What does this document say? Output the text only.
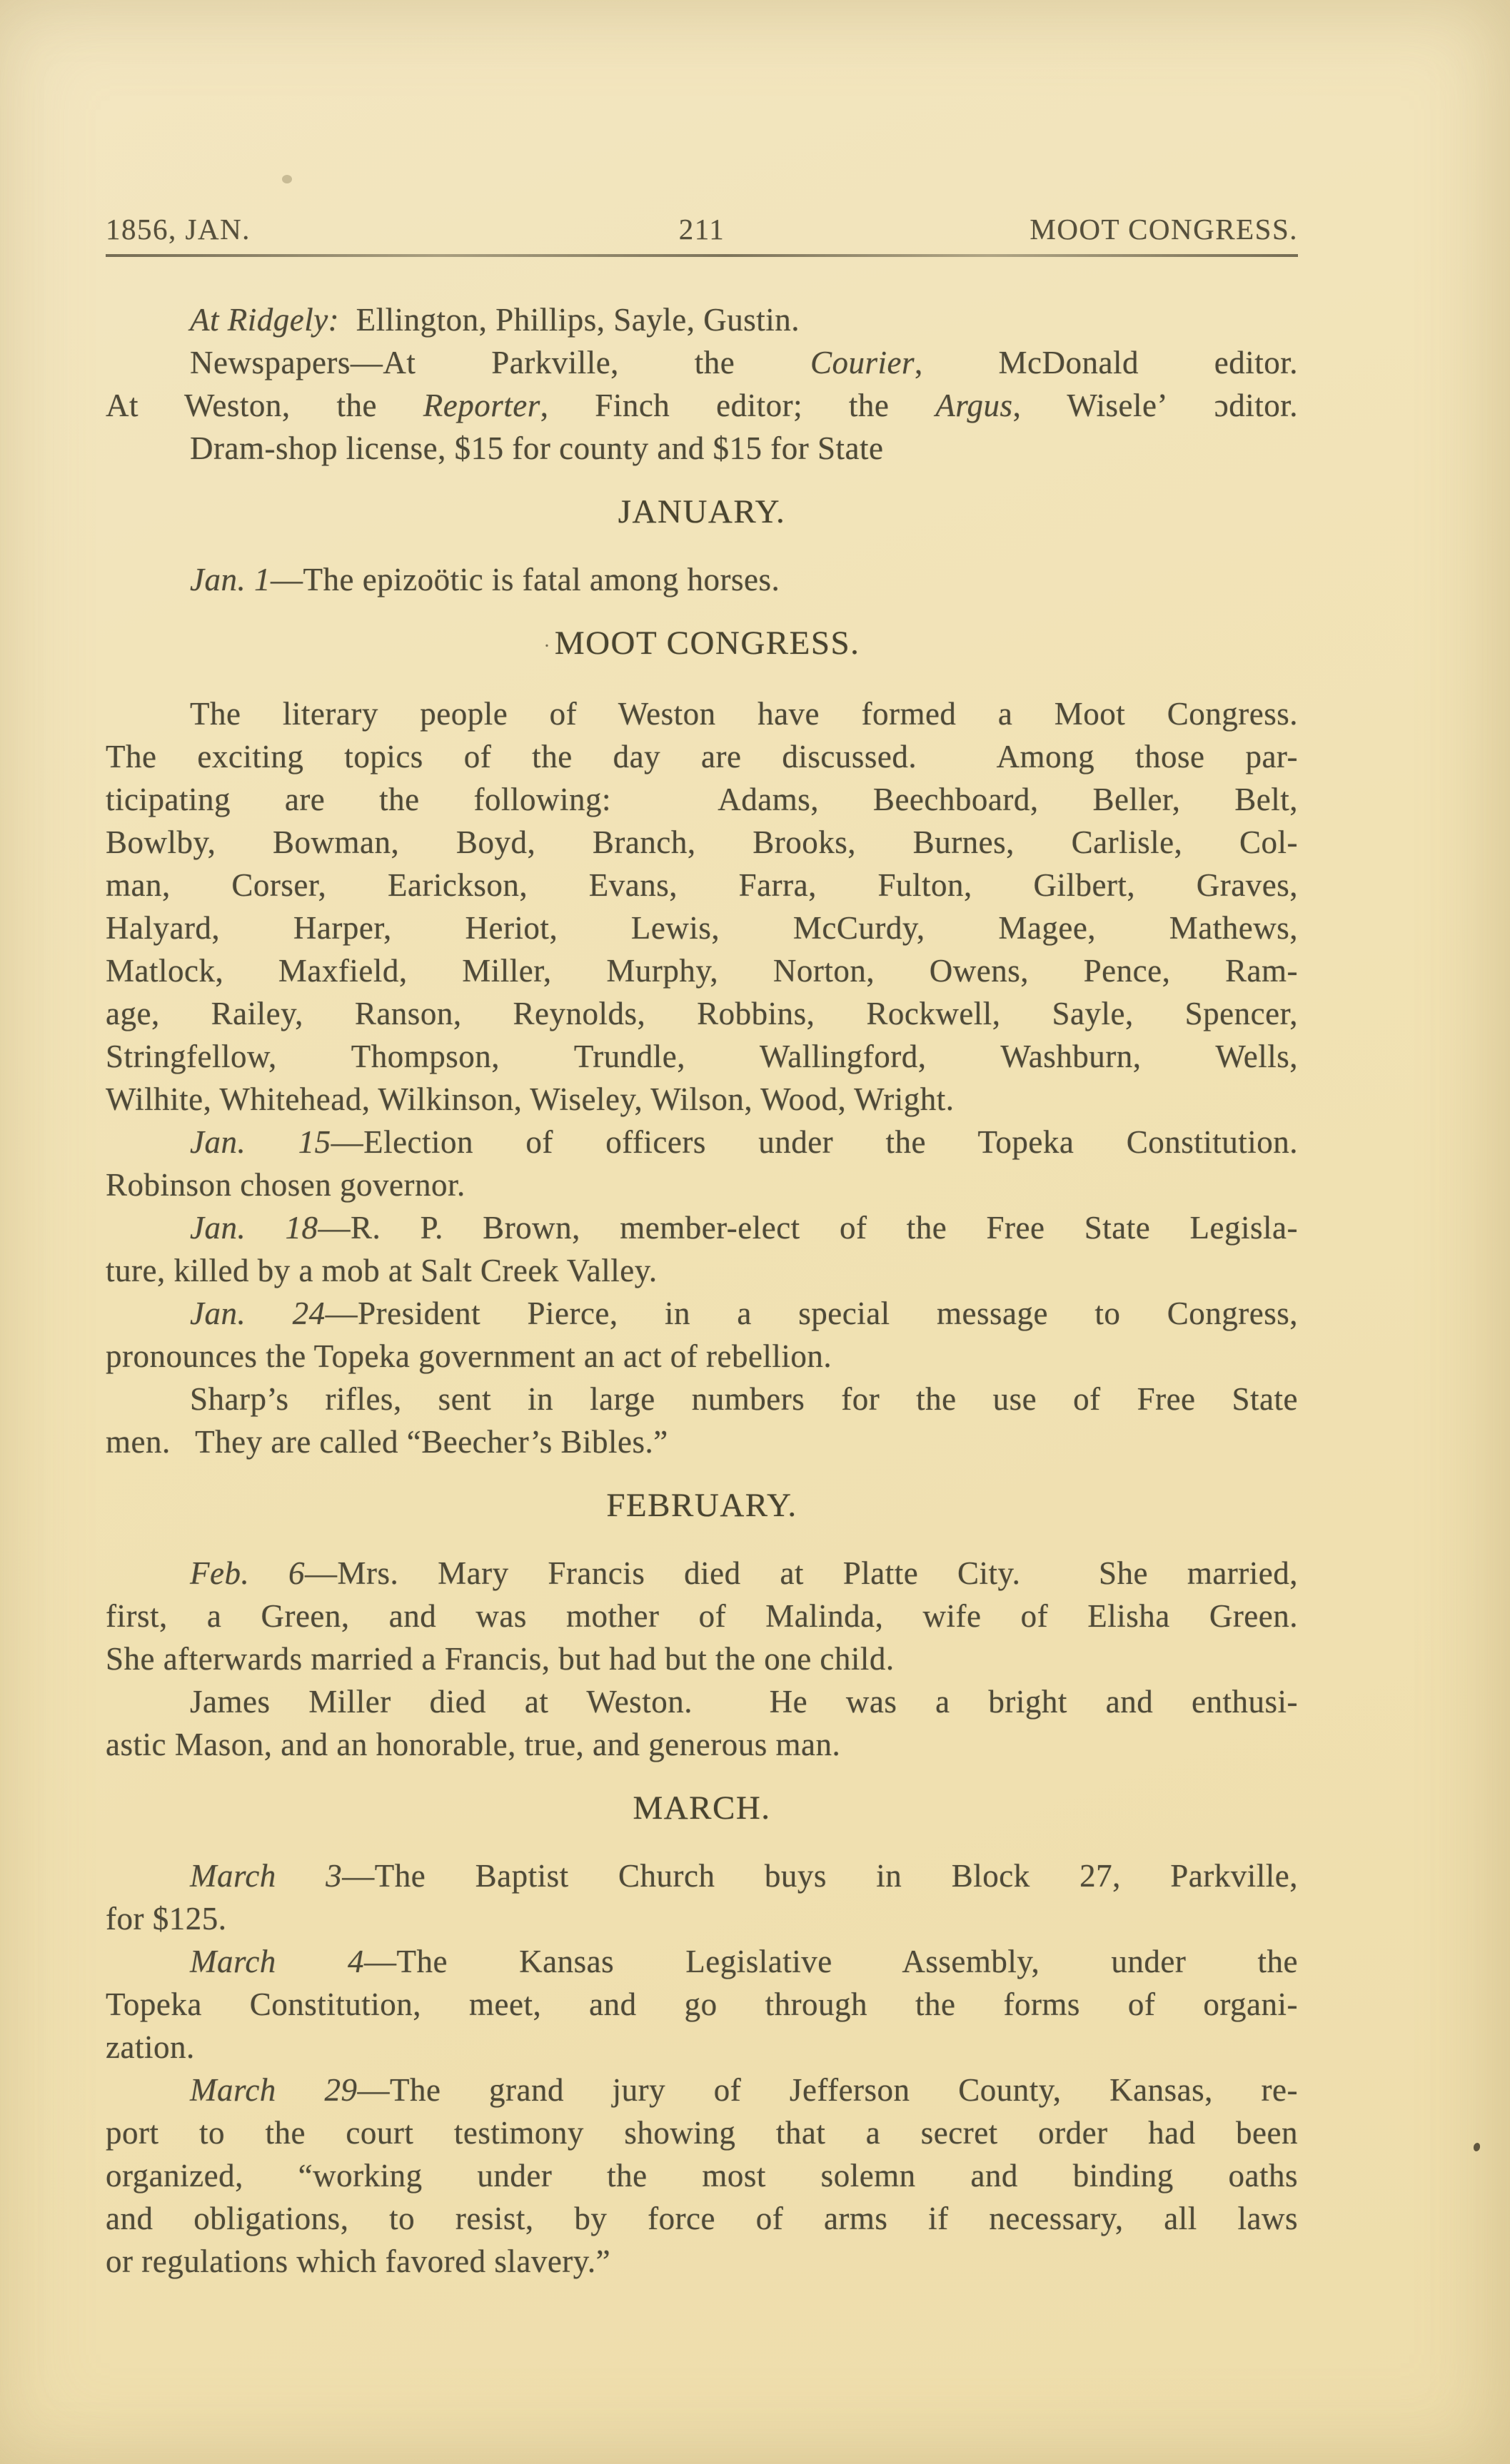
1856, JAN.	211	MOOT CONGRESS.
At Ridgely:  Ellington, Phillips, Sayle, Gustin.
Newspapers—At Parkville, the Courier, McDonald editor.
At Weston, the Reporter, Finch editor; the Argus, Wiseleʼ ɔditor.
Dram-shop license, $15 for county and $15 for State
JANUARY.
Jan. 1—The epizoötic is fatal among horses.
· MOOT CONGRESS.
The literary people of Weston have formed a Moot Congress.
The exciting topics of the day are discussed.  Among those par-
ticipating are the following:  Adams, Beechboard, Beller, Belt,
Bowlby, Bowman, Boyd, Branch, Brooks, Burnes, Carlisle, Col-
man, Corser, Earickson, Evans, Farra, Fulton, Gilbert, Graves,
Halyard, Harper, Heriot, Lewis, McCurdy, Magee, Mathews,
Matlock, Maxfield, Miller, Murphy, Norton, Owens, Pence, Ram-
age, Railey, Ranson, Reynolds, Robbins, Rockwell, Sayle, Spencer,
Stringfellow, Thompson, Trundle, Wallingford, Washburn, Wells,
Wilhite, Whitehead, Wilkinson, Wiseley, Wilson, Wood, Wright.
Jan. 15—Election of officers under the Topeka Constitution.
Robinson chosen governor.
Jan. 18—R. P. Brown, member-elect of the Free State Legisla-
ture, killed by a mob at Salt Creek Valley.
Jan. 24—President Pierce, in a special message to Congress,
pronounces the Topeka government an act of rebellion.
Sharp’s rifles, sent in large numbers for the use of Free State
men.   They are called “Beecher’s Bibles.”
FEBRUARY.
Feb. 6—Mrs. Mary Francis died at Platte City.  She married,
first, a Green, and was mother of Malinda, wife of Elisha Green.
She afterwards married a Francis, but had but the one child.
James Miller died at Weston.  He was a bright and enthusi-
astic Mason, and an honorable, true, and generous man.
MARCH.
March 3—The Baptist Church buys in Block 27, Parkville,
for $125.
March 4—The Kansas Legislative Assembly, under the
Topeka Constitution, meet, and go through the forms of organi-
zation.
March 29—The grand jury of Jefferson County, Kansas, re-
port to the court testimony showing that a secret order had been
organized, “working under the most solemn and binding oaths
and obligations, to resist, by force of arms if necessary, all laws
or regulations which favored slavery.”
